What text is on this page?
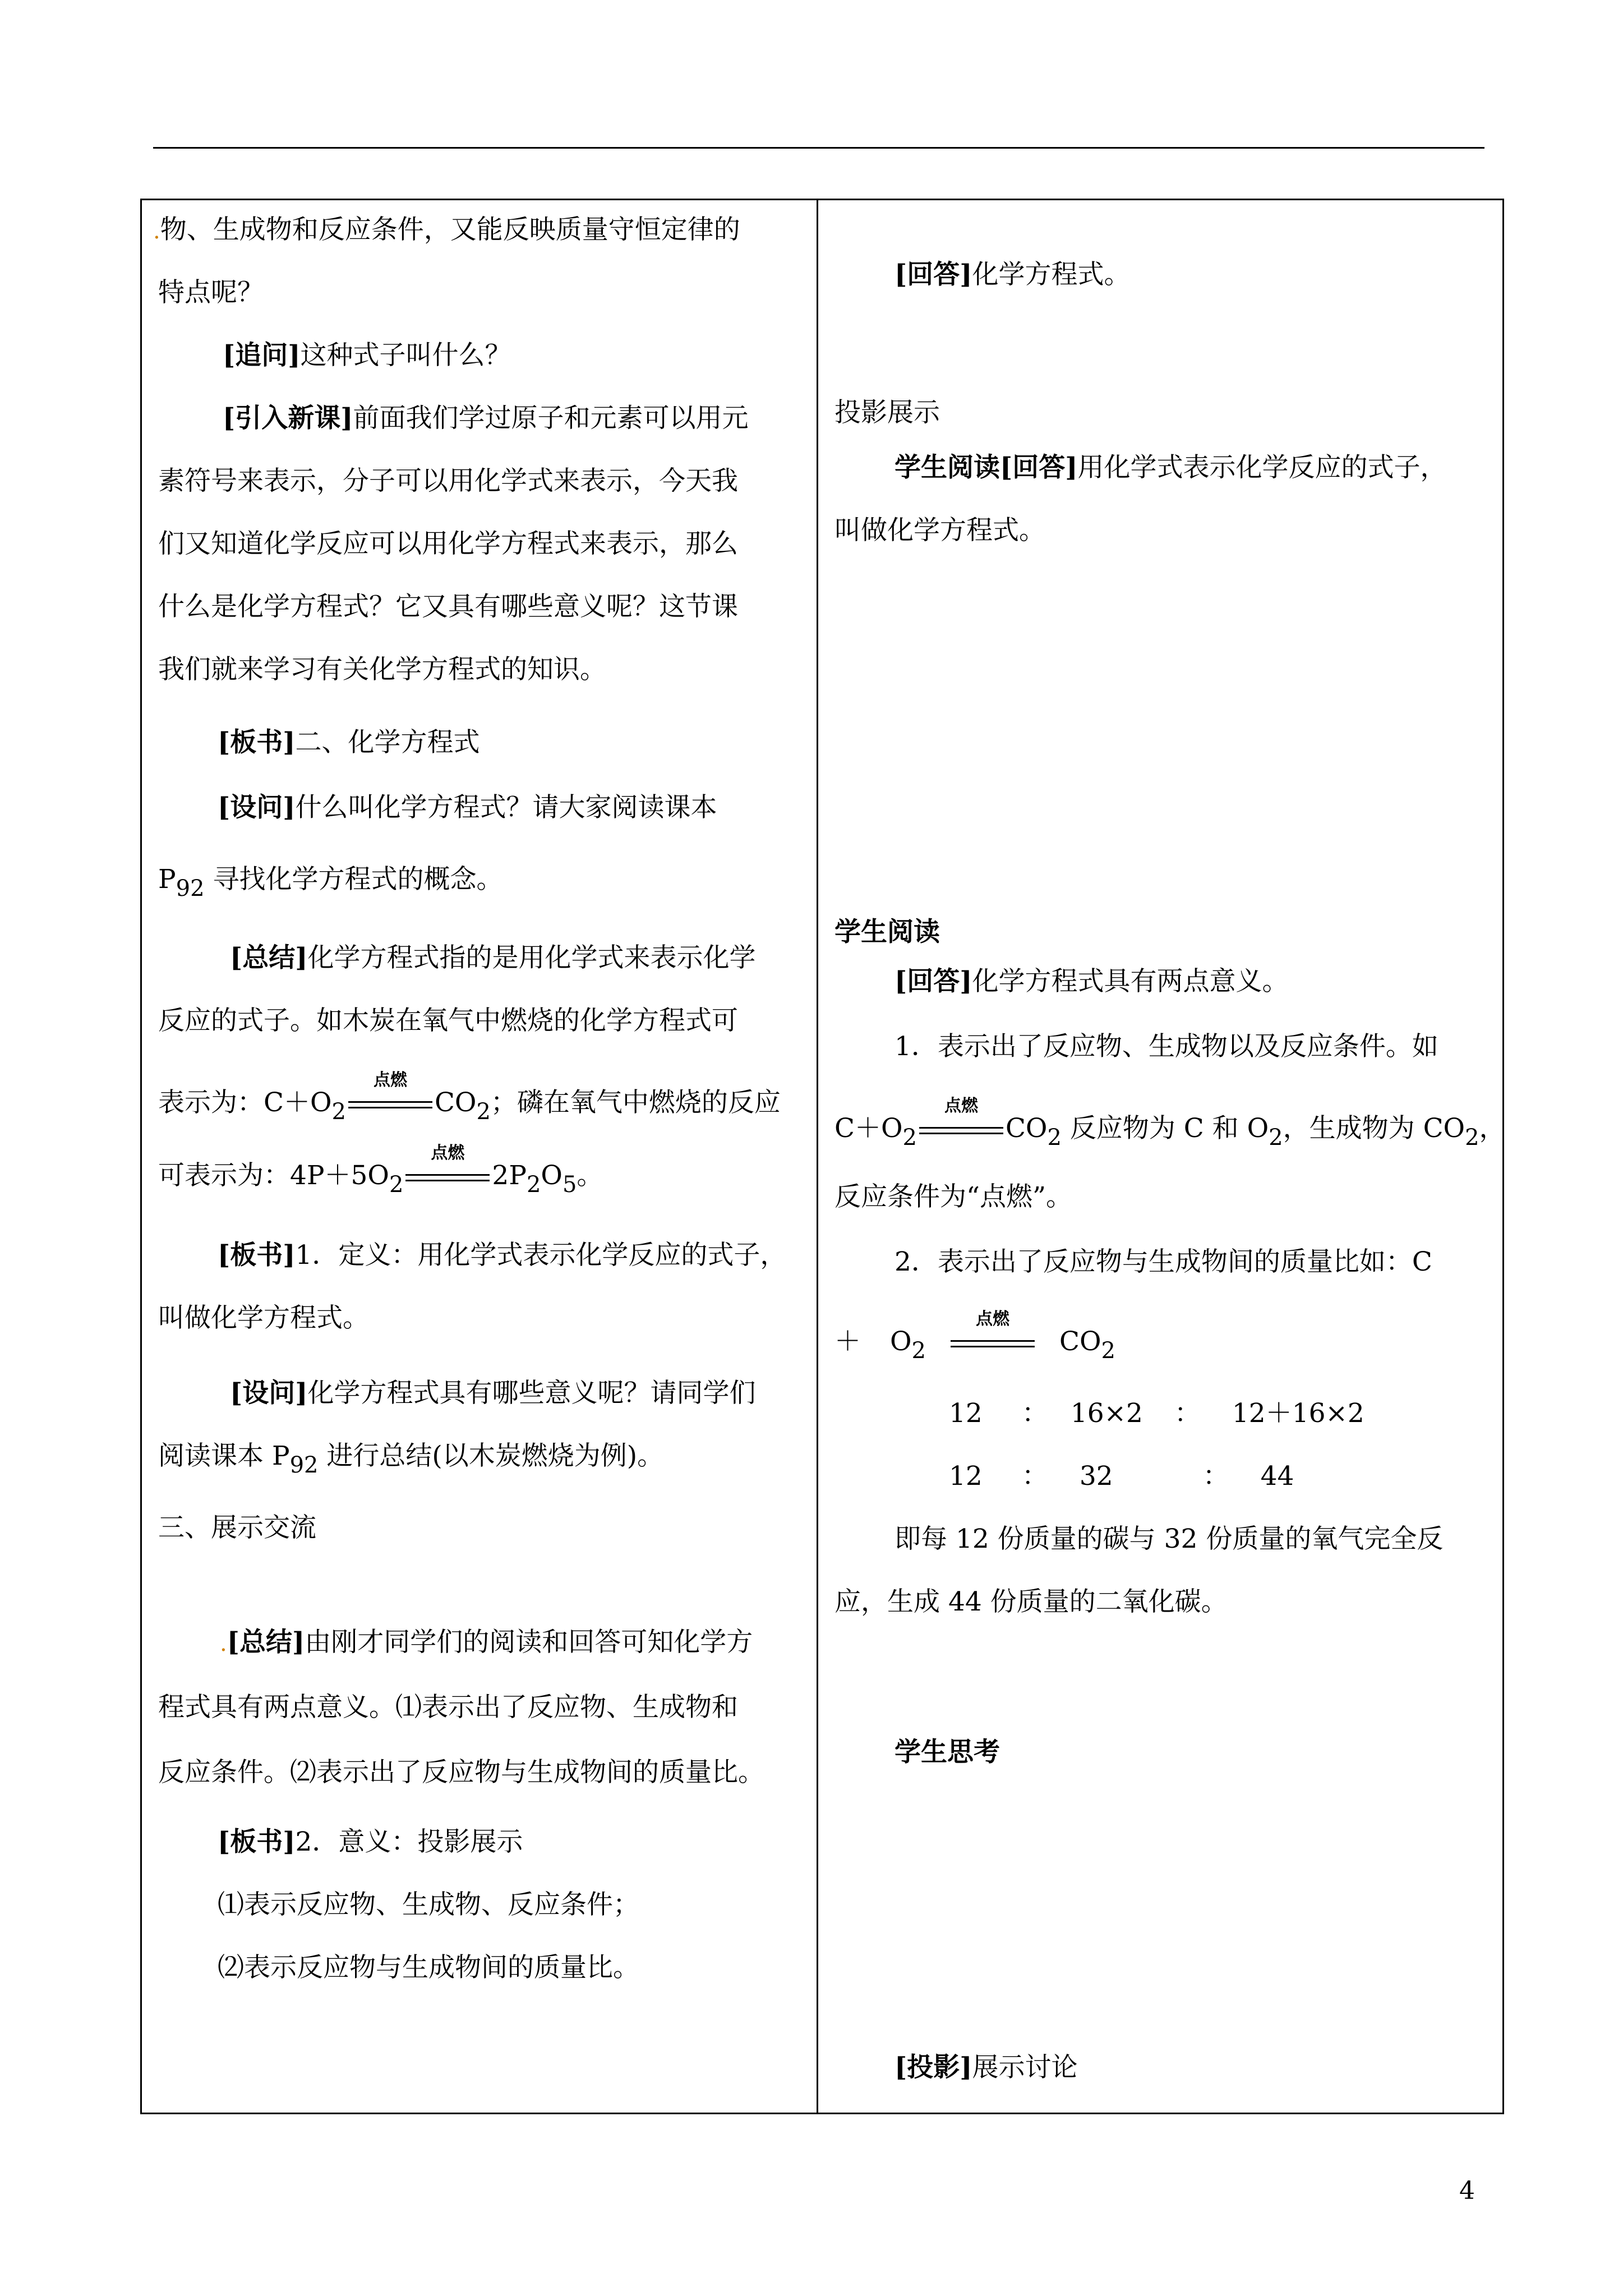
.物、生成物和反应条件，又能反映质量守恒定律的
特点呢？
[追问]这种式子叫什么？
[引入新课]前面我们学过原子和元素可以用元
素符号来表示，分子可以用化学式来表示，今天我
们又知道化学反应可以用化学方程式来表示，那么
什么是化学方程式？它又具有哪些意义呢？这节课
我们就来学习有关化学方程式的知识。
[板书]二、化学方程式
[设问]什么叫化学方程式？请大家阅读课本
P92 寻找化学方程式的概念。
[总结]化学方程式指的是用化学式来表示化学
反应的式子。如木炭在氧气中燃烧的化学方程式可
表示为：C＋O2
点燃
CO2；磷在氧气中燃烧的反应
可表示为：4P＋5O2
点燃
2P2O5。
[板书]1．定义：用化学式表示化学反应的式子，
叫做化学方程式。
[设问]化学方程式具有哪些意义呢？请同学们
阅读课本 P92 进行总结(以木炭燃烧为例)。
三、展示交流
.[总结]由刚才同学们的阅读和回答可知化学方
程式具有两点意义。⑴表示出了反应物、生成物和
反应条件。⑵表示出了反应物与生成物间的质量比。
[板书]2．意义：投影展示
⑴表示反应物、生成物、反应条件；
⑵表示反应物与生成物间的质量比。
[回答]化学方程式。
投影展示
学生阅读[回答]用化学式表示化学反应的式子，
叫做化学方程式。
学生阅读
[回答]化学方程式具有两点意义。
1．表示出了反应物、生成物以及反应条件。如
C＋O2
点燃
CO2 反应物为 C 和 O2，生成物为 CO2，
反应条件为“点燃”。
2．表示出了反应物与生成物间的质量比如：C
＋ O2
点燃
CO2
12 ： 16×2 ： 12＋16×2
12 ： 32	： 44
即每 12 份质量的碳与 32 份质量的氧气完全反
应，生成 44 份质量的二氧化碳。
学生思考
[投影]展示讨论
4
